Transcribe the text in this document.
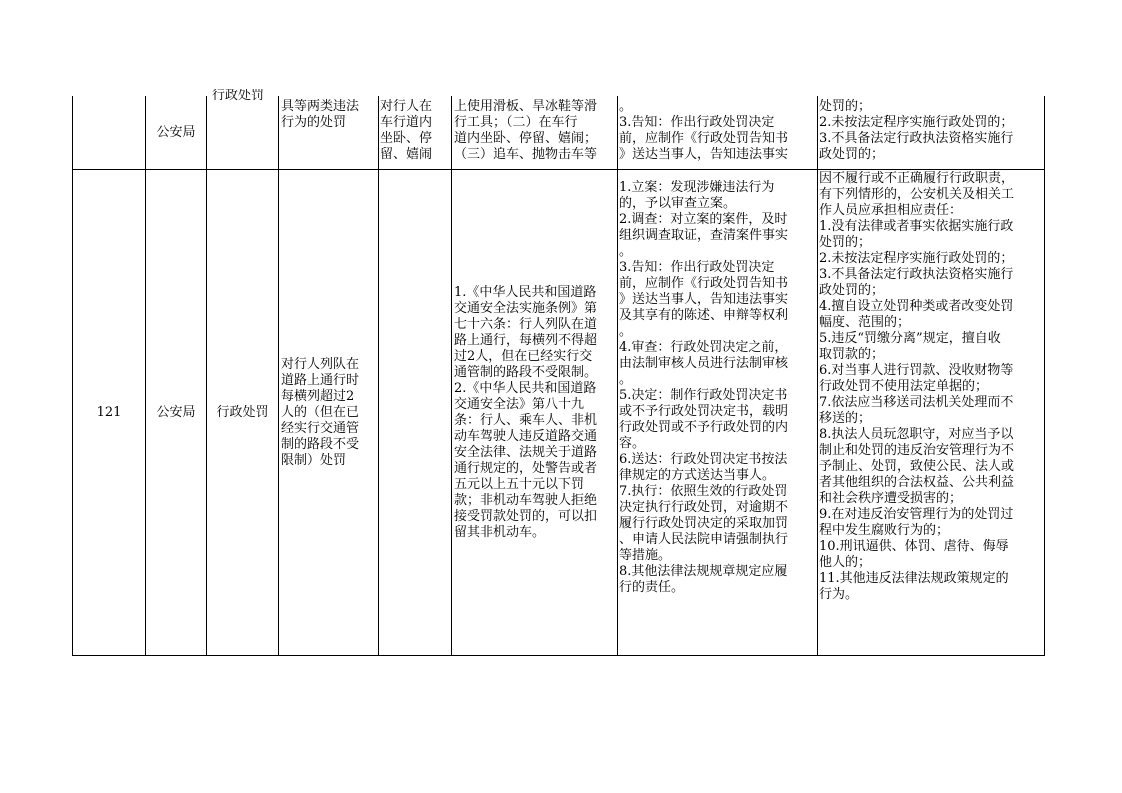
公安局
行政处罚
具等两类违法
行为的处罚
对行人在
车行道内
坐卧、停
留、嬉闹
上使用滑板、旱冰鞋等滑
行工具；（二）在车行
道内坐卧、停留、嬉闹；
（三）追车、抛物击车等
。
3.告知：作出行政处罚决定
前，应制作《行政处罚告知书
》送达当事人，告知违法事实
处罚的；
2.未按法定程序实施行政处罚的；
3.不具备法定行政执法资格实施行
政处罚的；
121	公安局	行政处罚
对行人列队在
道路上通行时
每横列超过2
人的（但在已
经实行交通管
制的路段不受
限制）处罚
1.《中华人民共和国道路
交通安全法实施条例》第
七十六条：行人列队在道
路上通行，每横列不得超
过2人，但在已经实行交
通管制的路段不受限制。
2.《中华人民共和国道路
交通安全法》第八十九
条：行人、乘车人、非机
动车驾驶人违反道路交通
安全法律、法规关于道路
通行规定的，处警告或者
五元以上五十元以下罚
款；非机动车驾驶人拒绝
接受罚款处罚的，可以扣
留其非机动车。
1.立案：发现涉嫌违法行为
的，予以审查立案。
2.调查：对立案的案件，及时
组织调查取证，查清案件事实
。
3.告知：作出行政处罚决定
前，应制作《行政处罚告知书
》送达当事人，告知违法事实
及其享有的陈述、申辩等权利
。
4.审查：行政处罚决定之前，
由法制审核人员进行法制审核
。
5.决定：制作行政处罚决定书
或不予行政处罚决定书，载明
行政处罚或不予行政处罚的内
容。
6.送达：行政处罚决定书按法
律规定的方式送达当事人。
7.执行：依照生效的行政处罚
决定执行行政处罚，对逾期不
履行行政处罚决定的采取加罚
、申请人民法院申请强制执行
等措施。
8.其他法律法规规章规定应履
行的责任。
因不履行或不正确履行行政职责，
有下列情形的，公安机关及相关工
作人员应承担相应责任：
1.没有法律或者事实依据实施行政
处罚的；
2.未按法定程序实施行政处罚的；
3.不具备法定行政执法资格实施行
政处罚的；
4.擅自设立处罚种类或者改变处罚
幅度、范围的；
5.违反“罚缴分离”规定，擅自收
取罚款的；
6.对当事人进行罚款、没收财物等
行政处罚不使用法定单据的；
7.依法应当移送司法机关处理而不
移送的；
8.执法人员玩忽职守，对应当予以
制止和处罚的违反治安管理行为不
予制止、处罚，致使公民、法人或
者其他组织的合法权益、公共利益
和社会秩序遭受损害的；
9.在对违反治安管理行为的处罚过
程中发生腐败行为的；
10.刑讯逼供、体罚、虐待、侮辱
他人的；
11.其他违反法律法规政策规定的
行为。
